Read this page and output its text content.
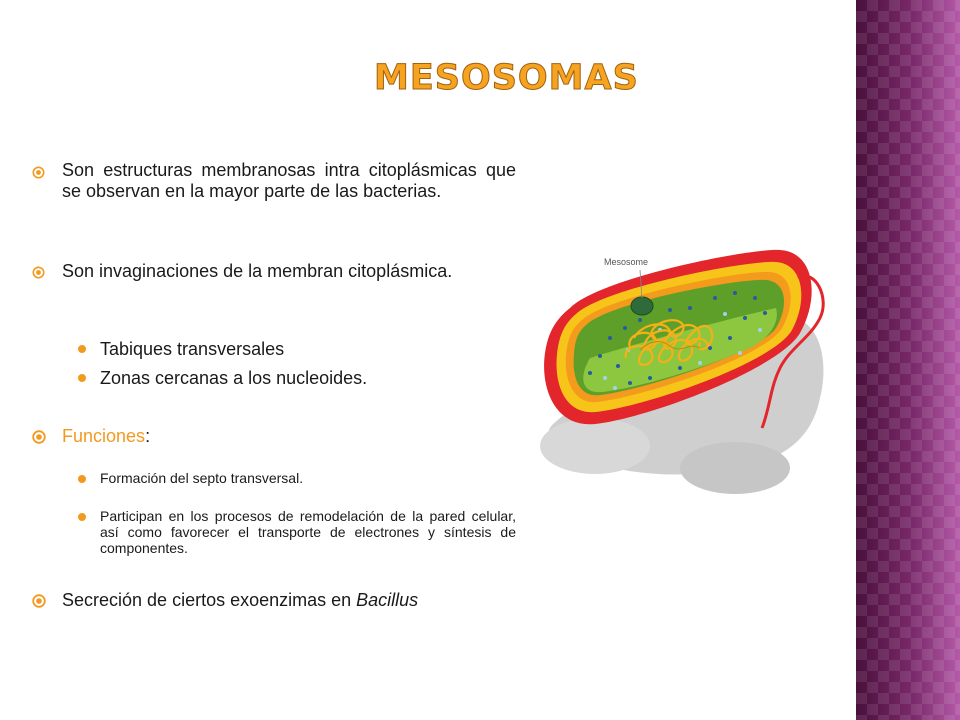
MESOSOMAS
Son estructuras membranosas intra citoplásmicas que se observan en la mayor parte de las bacterias.
Son invaginaciones de la membran citoplásmica.
Tabiques transversales
Zonas cercanas a los nucleoides.
Funciones:
Formación del septo transversal.
Participan en los procesos de remodelación de la pared celular, así como favorecer el transporte de electrones y síntesis de componentes.
Secreción de ciertos exoenzimas en Bacillus
Mesosome
